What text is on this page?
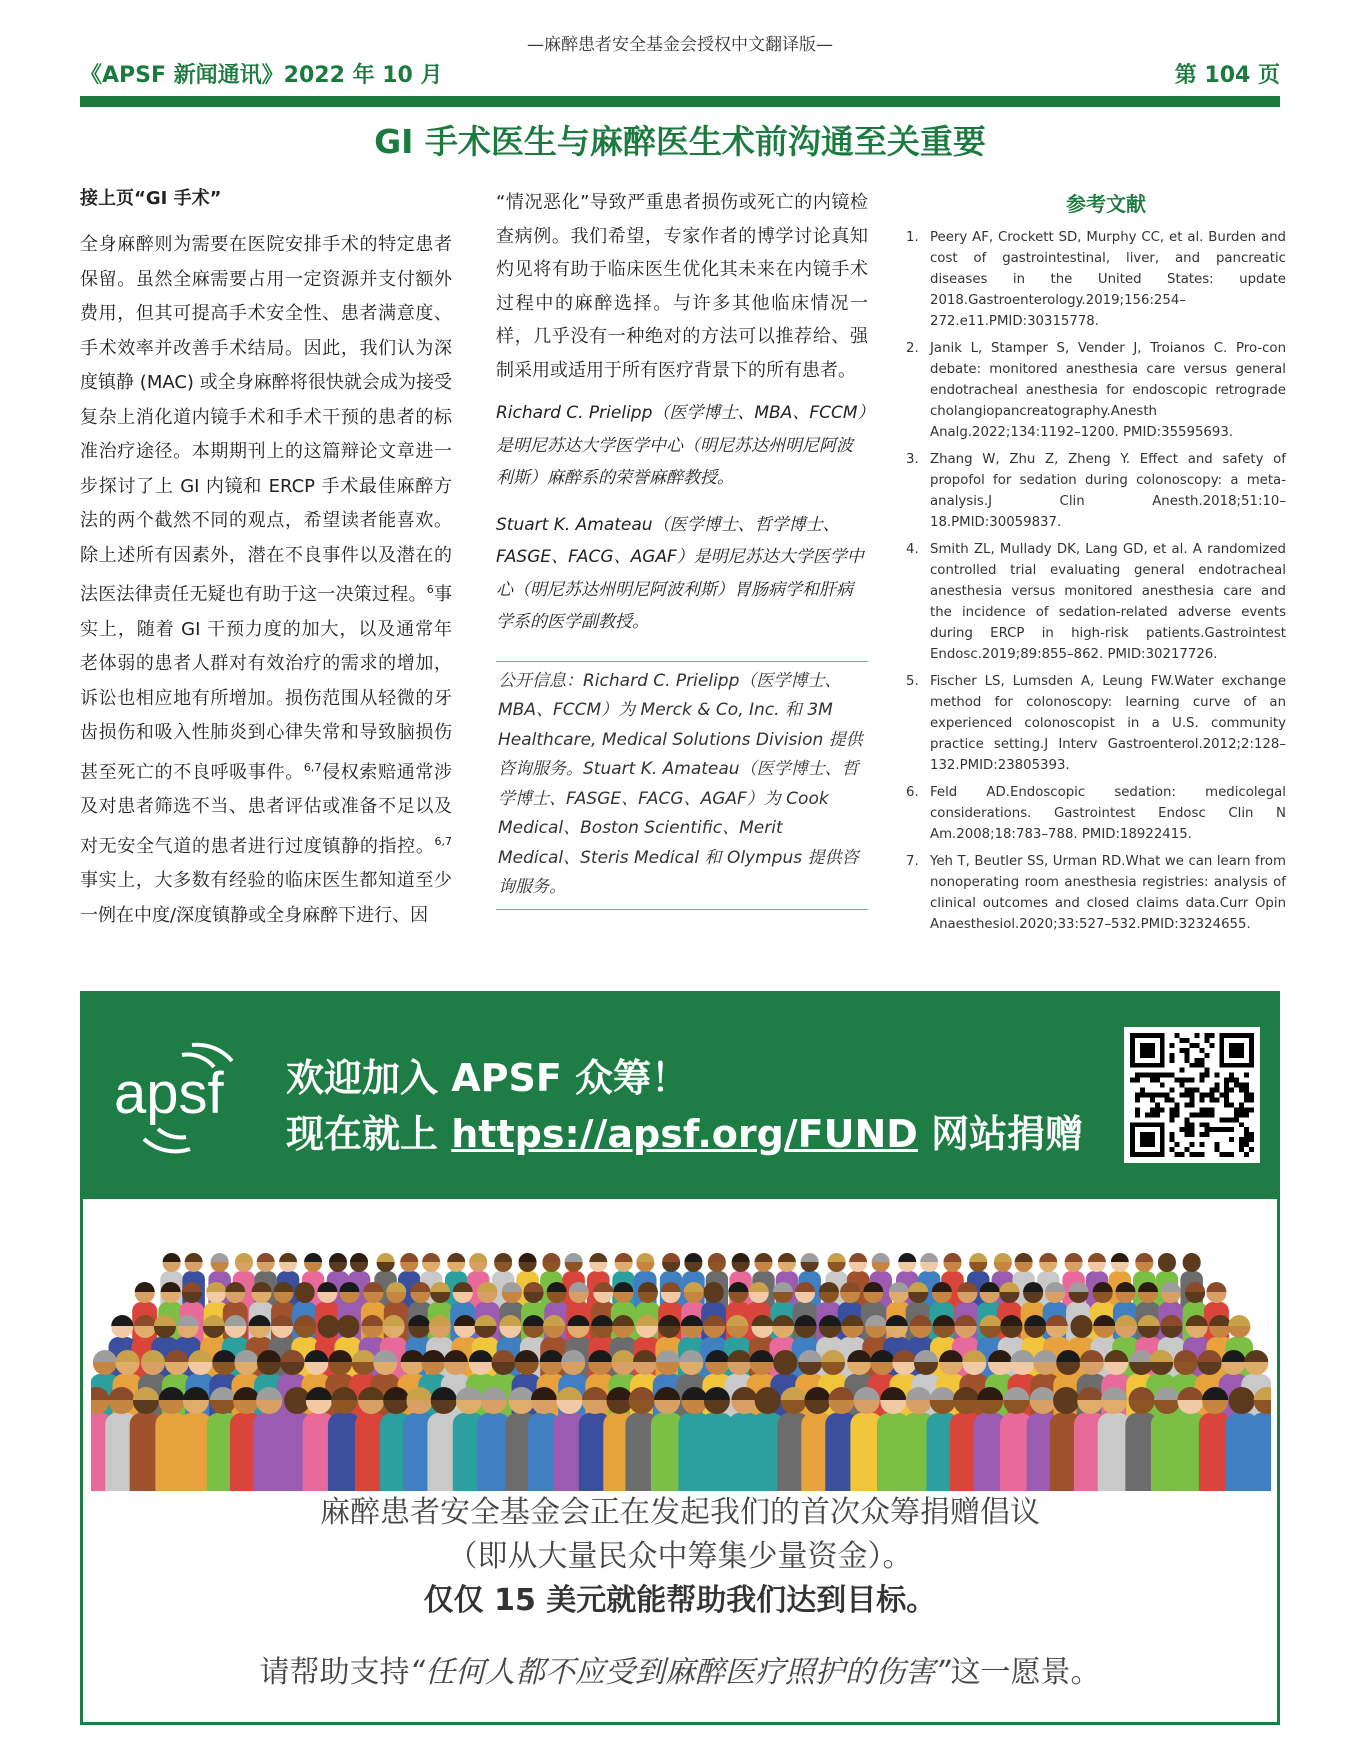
—麻醉患者安全基金会授权中文翻译版—
《APSF 新闻通讯》2022 年 10 月	第 104 页
GI 手术医生与麻醉医生术前沟通至关重要
接上页“GI 手术”
全身麻醉则为需要在医院安排手术的特定患者保留。虽然全麻需要占用一定资源并支付额外费用，但其可提高手术安全性、患者满意度、手术效率并改善手术结局。因此，我们认为深度镇静 (MAC) 或全身麻醉将很快就会成为接受复杂上消化道内镜手术和手术干预的患者的标准治疗途径。本期期刊上的这篇辩论文章进一步探讨了上 GI 内镜和 ERCP 手术最佳麻醉方法的两个截然不同的观点，希望读者能喜欢。除上述所有因素外，潜在不良事件以及潜在的法医法律责任无疑也有助于这一决策过程。$^6$事实上，随着 GI 干预力度的加大，以及通常年老体弱的患者人群对有效治疗的需求的增加，诉讼也相应地有所增加。损伤范围从轻微的牙齿损伤和吸入性肺炎到心律失常和导致脑损伤甚至死亡的不良呼吸事件。$^{6,7}$侵权索赔通常涉及对患者筛选不当、患者评估或准备不足以及对无安全气道的患者进行过度镇静的指控。$^{6,7}$事实上，大多数有经验的临床医生都知道至少一例在中度/深度镇静或全身麻醉下进行、因
“情况恶化”导致严重患者损伤或死亡的内镜检查病例。我们希望，专家作者的博学讨论真知灼见将有助于临床医生优化其未来在内镜手术过程中的麻醉选择。与许多其他临床情况一样，几乎没有一种绝对的方法可以推荐给、强制采用或适用于所有医疗背景下的所有患者。
Richard C. Prielipp（医学博士、MBA、FCCM）是明尼苏达大学医学中心（明尼苏达州明尼阿波利斯）麻醉系的荣誉麻醉教授。
Stuart K. Amateau（医学博士、哲学博士、FASGE、FACG、AGAF）是明尼苏达大学医学中心（明尼苏达州明尼阿波利斯）胃肠病学和肝病学系的医学副教授。
公开信息：Richard C. Prielipp（医学博士、MBA、FCCM）为 Merck & Co, Inc. 和 3M Healthcare, Medical Solutions Division 提供咨询服务。Stuart K. Amateau（医学博士、哲学博士、FASGE、FACG、AGAF）为 Cook Medical、Boston Scientific、Merit Medical、Steris Medical 和 Olympus 提供咨询服务。
参考文献
1. Peery AF, Crockett SD, Murphy CC, et al. Burden and cost of gastrointestinal, liver, and pancreatic diseases in the United States: update 2018.Gastroenterology.2019;156:254–272.e11.PMID:30315778.
2. Janik L, Stamper S, Vender J, Troianos C. Pro-con debate: monitored anesthesia care versus general endotracheal anesthesia for endoscopic retrograde cholangiopancreatography.Anesth Analg.2022;134:1192–1200. PMID:35595693.
3. Zhang W, Zhu Z, Zheng Y. Effect and safety of propofol for sedation during colonoscopy: a meta-analysis.J Clin Anesth.2018;51:10–18.PMID:30059837.
4. Smith ZL, Mullady DK, Lang GD, et al. A randomized controlled trial evaluating general endotracheal anesthesia versus monitored anesthesia care and the incidence of sedation-related adverse events during ERCP in high-risk patients.Gastrointest Endosc.2019;89:855–862. PMID:30217726.
5. Fischer LS, Lumsden A, Leung FW.Water exchange method for colonoscopy: learning curve of an experienced colonoscopist in a U.S. community practice setting.J Interv Gastroenterol.2012;2:128–132.PMID:23805393.
6. Feld AD.Endoscopic sedation: medicolegal considerations. Gastrointest Endosc Clin N Am.2008;18:783–788. PMID:18922415.
7. Yeh T, Beutler SS, Urman RD.What we can learn from nonoperating room anesthesia registries: analysis of clinical outcomes and closed claims data.Curr Opin Anaesthesiol.2020;33:527–532.PMID:32324655.
apsf 欢迎加入 APSF 众筹！
现在就上 https://apsf.org/FUND 网站捐赠
麻醉患者安全基金会正在发起我们的首次众筹捐赠倡议
（即从大量民众中筹集少量资金）。
仅仅 15 美元就能帮助我们达到目标。
请帮助支持“任何人都不应受到麻醉医疗照护的伤害”这一愿景。
